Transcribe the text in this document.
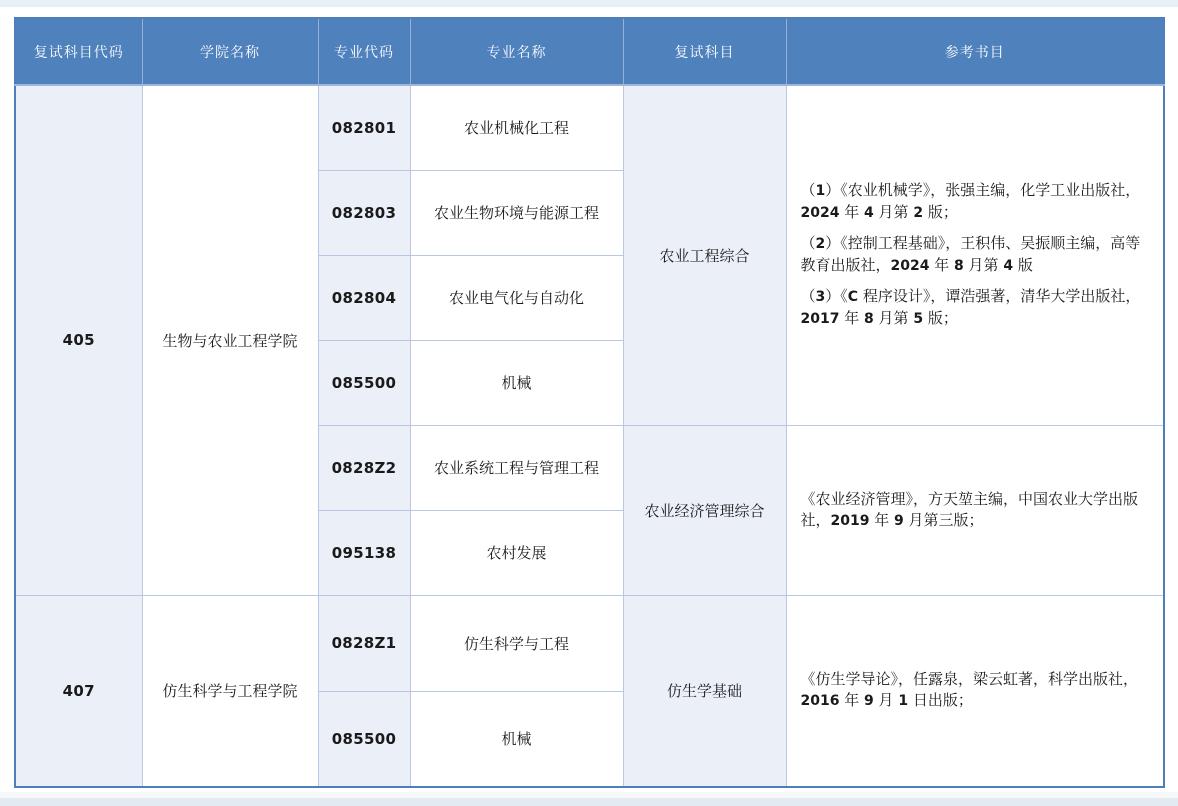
复试科目代码	学院名称	专业代码	专业名称	复试科目	参考书目
405	生物与农业工程学院	082801	农业机械化工程	农业工程综合	（1）《农业机械学》，张强主编，化学工业出版社，2024 年 4 月第 2 版；

（2）《控制工程基础》，王积伟、吴振顺主编，高等教育出版社，2024 年 8 月第 4 版

（3）《C 程序设计》，谭浩强著，清华大学出版社，2017 年 8 月第 5 版；

		082803	农业生物环境与能源工程		
		082804	农业电气化与自动化		
		085500	机械		
		0828Z2	农业系统工程与管理工程	农业经济管理综合	《农业经济管理》，方天堃主编，中国农业大学出版社，2019 年 9 月第三版；

		095138	农村发展		
407	仿生科学与工程学院	0828Z1	仿生科学与工程	仿生学基础	《仿生学导论》，任露泉，梁云虹著，科学出版社，2016 年 9 月 1 日出版；

		085500	机械		
